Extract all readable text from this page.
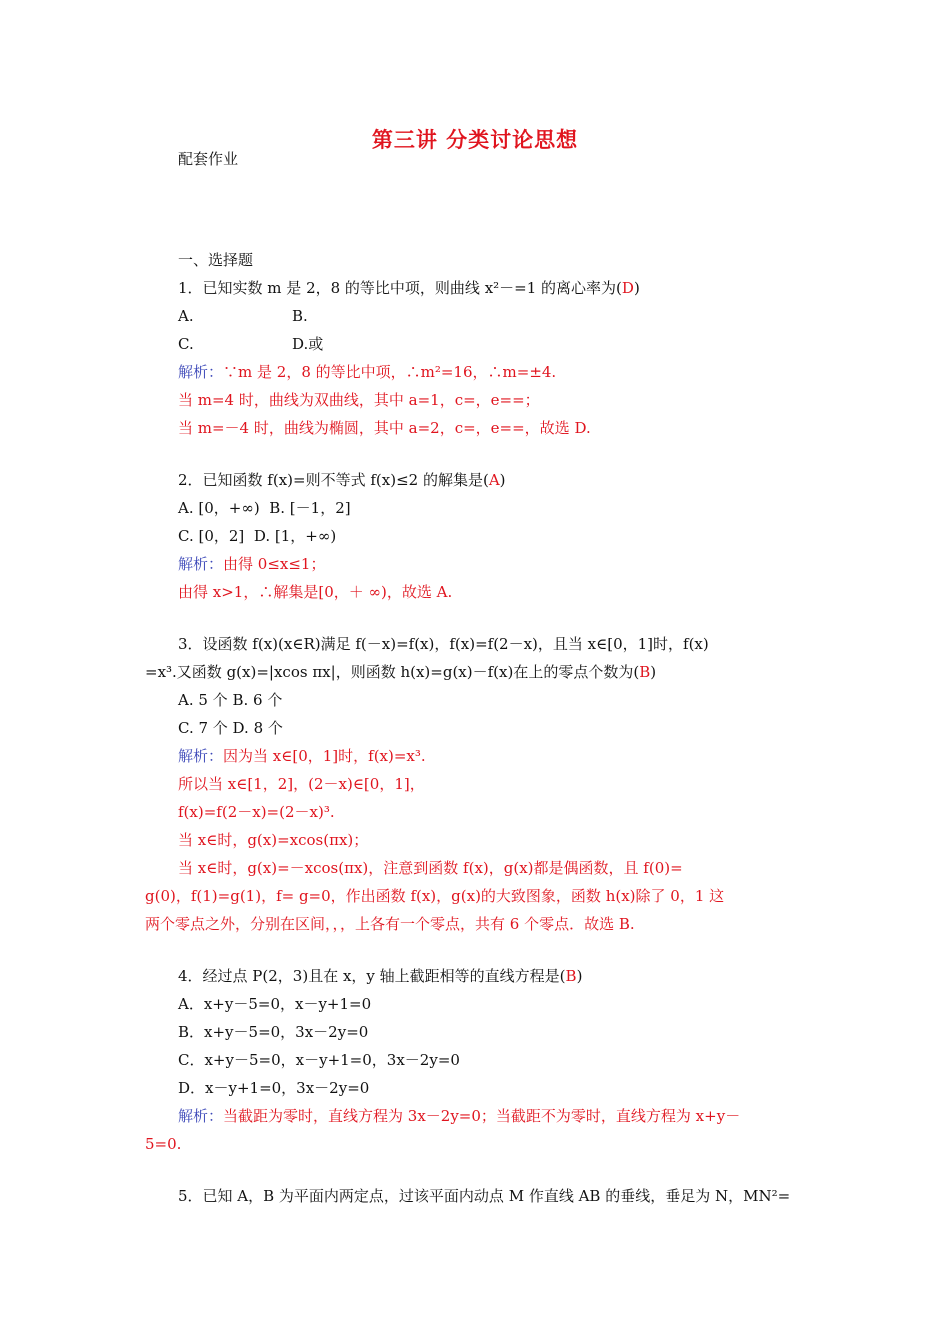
第三讲 分类讨论思想
配套作业
一、选择题
1．已知实数 m 是 2，8 的等比中项，则曲线 x²－=1 的离心率为(D)
A.	B.
C.	D.或
解析：∵m 是 2，8 的等比中项，∴m²=16，∴m=±4.
当 m=4 时，曲线为双曲线，其中 a=1，c=，e==；
当 m=－4 时，曲线为椭圆，其中 a=2，c=，e==，故选 D.
2．已知函数 f(x)=则不等式 f(x)≤2 的解集是(A)
A. [0，+∞) B. [－1，2]
C. [0，2] D. [1，+∞)
解析：由得 0≤x≤1；
由得 x>1，∴解集是[0，＋ ∞)，故选 A.
3．设函数 f(x)(x∈R)满足 f(－x)=f(x)，f(x)=f(2－x)，且当 x∈[0，1]时，f(x)
=x³.又函数 g(x)=|xcos πx|，则函数 h(x)=g(x)－f(x)在上的零点个数为(B)
A. 5 个 B. 6 个
C. 7 个 D. 8 个
解析：因为当 x∈[0，1]时，f(x)=x³.
所以当 x∈[1，2]，(2－x)∈[0，1]，
f(x)=f(2－x)=(2－x)³.
当 x∈时，g(x)=xcos(πx)；
当 x∈时，g(x)=－xcos(πx)，注意到函数 f(x)，g(x)都是偶函数，且 f(0)=
g(0)，f(1)=g(1)，f= g=0，作出函数 f(x)，g(x)的大致图象，函数 h(x)除了 0，1 这
两个零点之外，分别在区间，，，上各有一个零点，共有 6 个零点．故选 B.
4．经过点 P(2，3)且在 x，y 轴上截距相等的直线方程是(B)
A．x+y－5=0，x－y+1=0
B．x+y－5=0，3x－2y=0
C．x+y－5=0，x－y+1=0，3x－2y=0
D．x－y+1=0，3x－2y=0
解析：当截距为零时，直线方程为 3x－2y=0；当截距不为零时，直线方程为 x+y－
5=0.
5．已知 A，B 为平面内两定点，过该平面内动点 M 作直线 AB 的垂线，垂足为 N，MN²=
